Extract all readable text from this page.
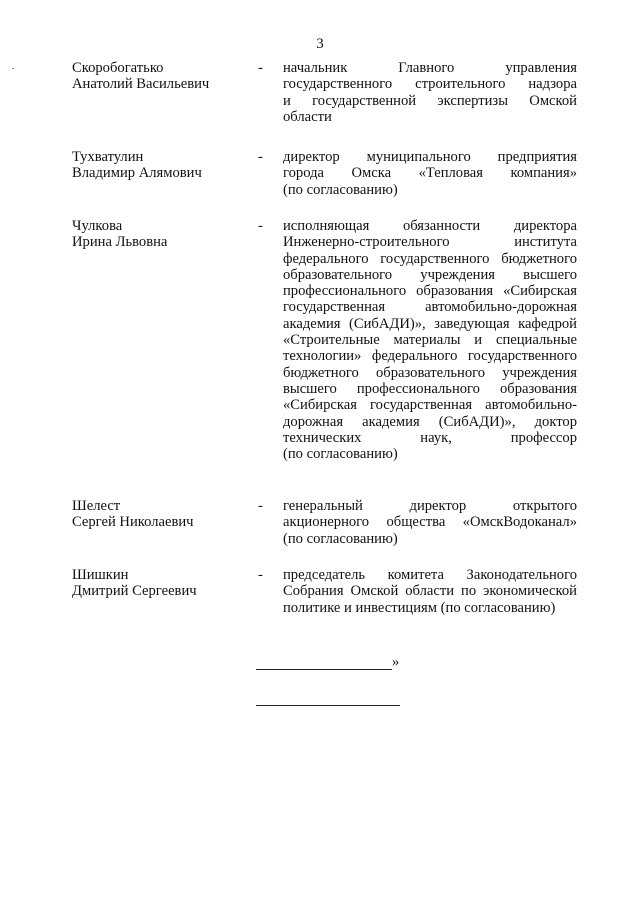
3
Скоробогатько
Анатолий Васильевич
- начальник Главного управления
государственного строительного надзора
и государственной экспертизы Омской
области
Тухватулин
Владимир Алямович
- директор муниципального предприятия
города Омска «Тепловая компания»
(по согласованию)
Чулкова
Ирина Львовна
- исполняющая обязанности директора
Инженерно-строительного института
федерального государственного бюджетного
образовательного учреждения высшего
профессионального образования «Сибирская
государственная автомобильно-дорожная
академия (СибАДИ)», заведующая кафедрой
«Строительные материалы и специальные
технологии» федерального государственного
бюджетного образовательного учреждения
высшего профессионального образования
«Сибирская государственная автомобильно-
дорожная академия (СибАДИ)», доктор
технических наук, профессор
(по согласованию)
Шелест
Сергей Николаевич
- генеральный директор открытого
акционерного общества «ОмскВодоканал»
(по согласованию)
Шишкин
Дмитрий Сергеевич
- председатель комитета Законодательного
Собрания Омской области по экономической
политике и инвестициям (по согласованию)
»
